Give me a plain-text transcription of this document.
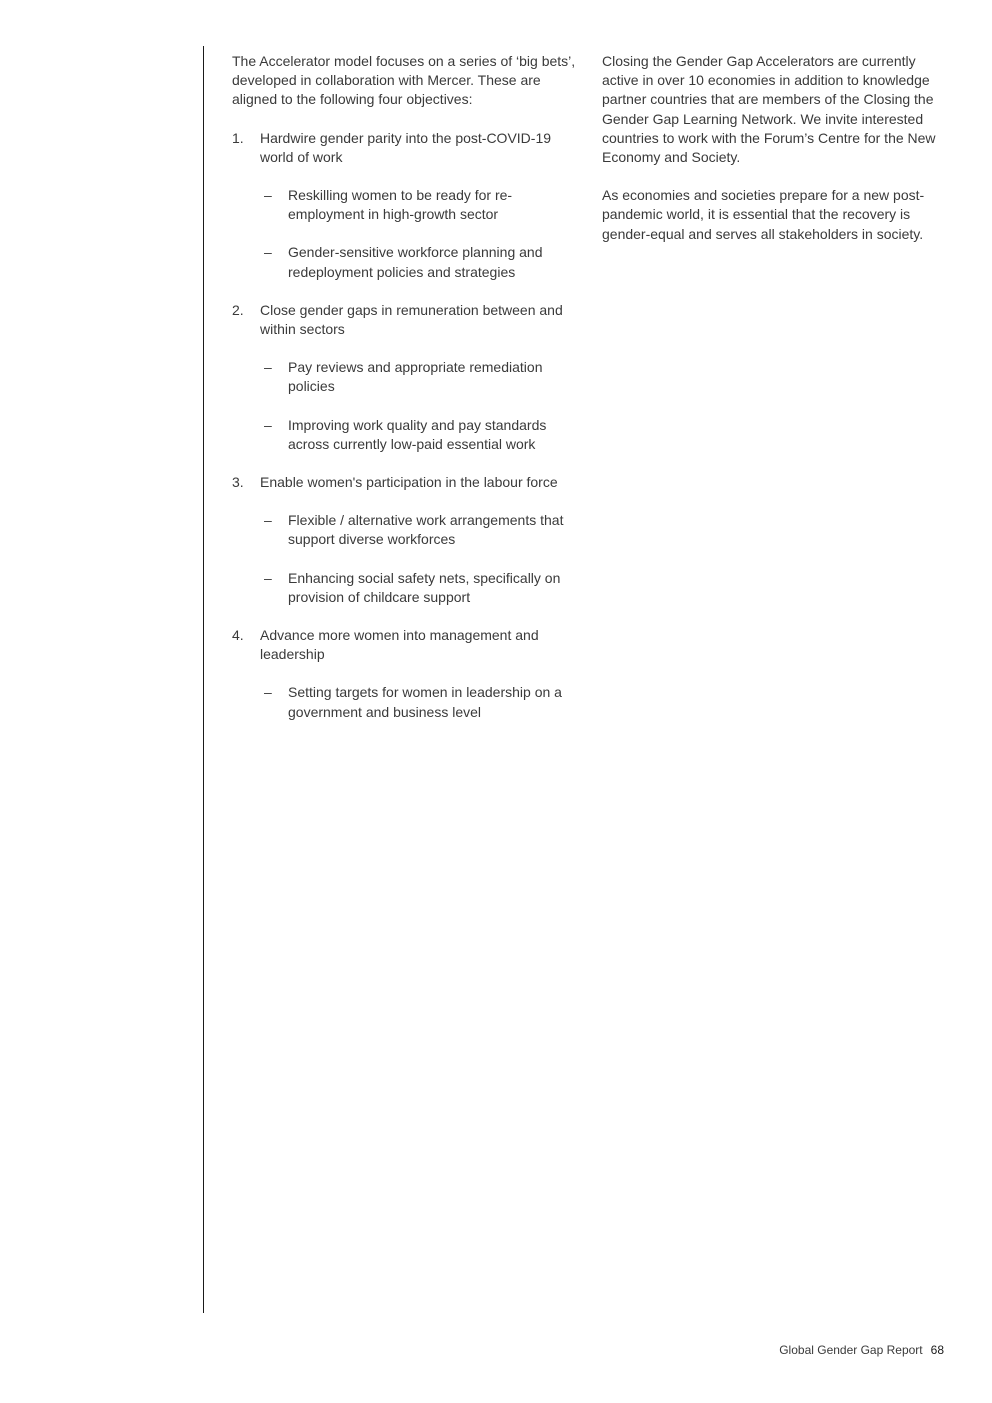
The Accelerator model focuses on a series of ‘big bets’, developed in collaboration with Mercer. These are aligned to the following four objectives:

1. Hardwire gender parity into the post-COVID-19 world of work
– Reskilling women to be ready for re-employment in high-growth sector
– Gender-sensitive workforce planning and redeployment policies and strategies
2. Close gender gaps in remuneration between and within sectors
– Pay reviews and appropriate remediation policies
– Improving work quality and pay standards across currently low-paid essential work
3. Enable women's participation in the labour force
– Flexible / alternative work arrangements that support diverse workforces
– Enhancing social safety nets, specifically on provision of childcare support
4. Advance more women into management and leadership
– Setting targets for women in leadership on a government and business level

Closing the Gender Gap Accelerators are currently active in over 10 economies in addition to knowledge partner countries that are members of the Closing the Gender Gap Learning Network. We invite interested countries to work with the Forum’s Centre for the New Economy and Society.

As economies and societies prepare for a new post-pandemic world, it is essential that the recovery is gender-equal and serves all stakeholders in society.

Global Gender Gap Report 68
